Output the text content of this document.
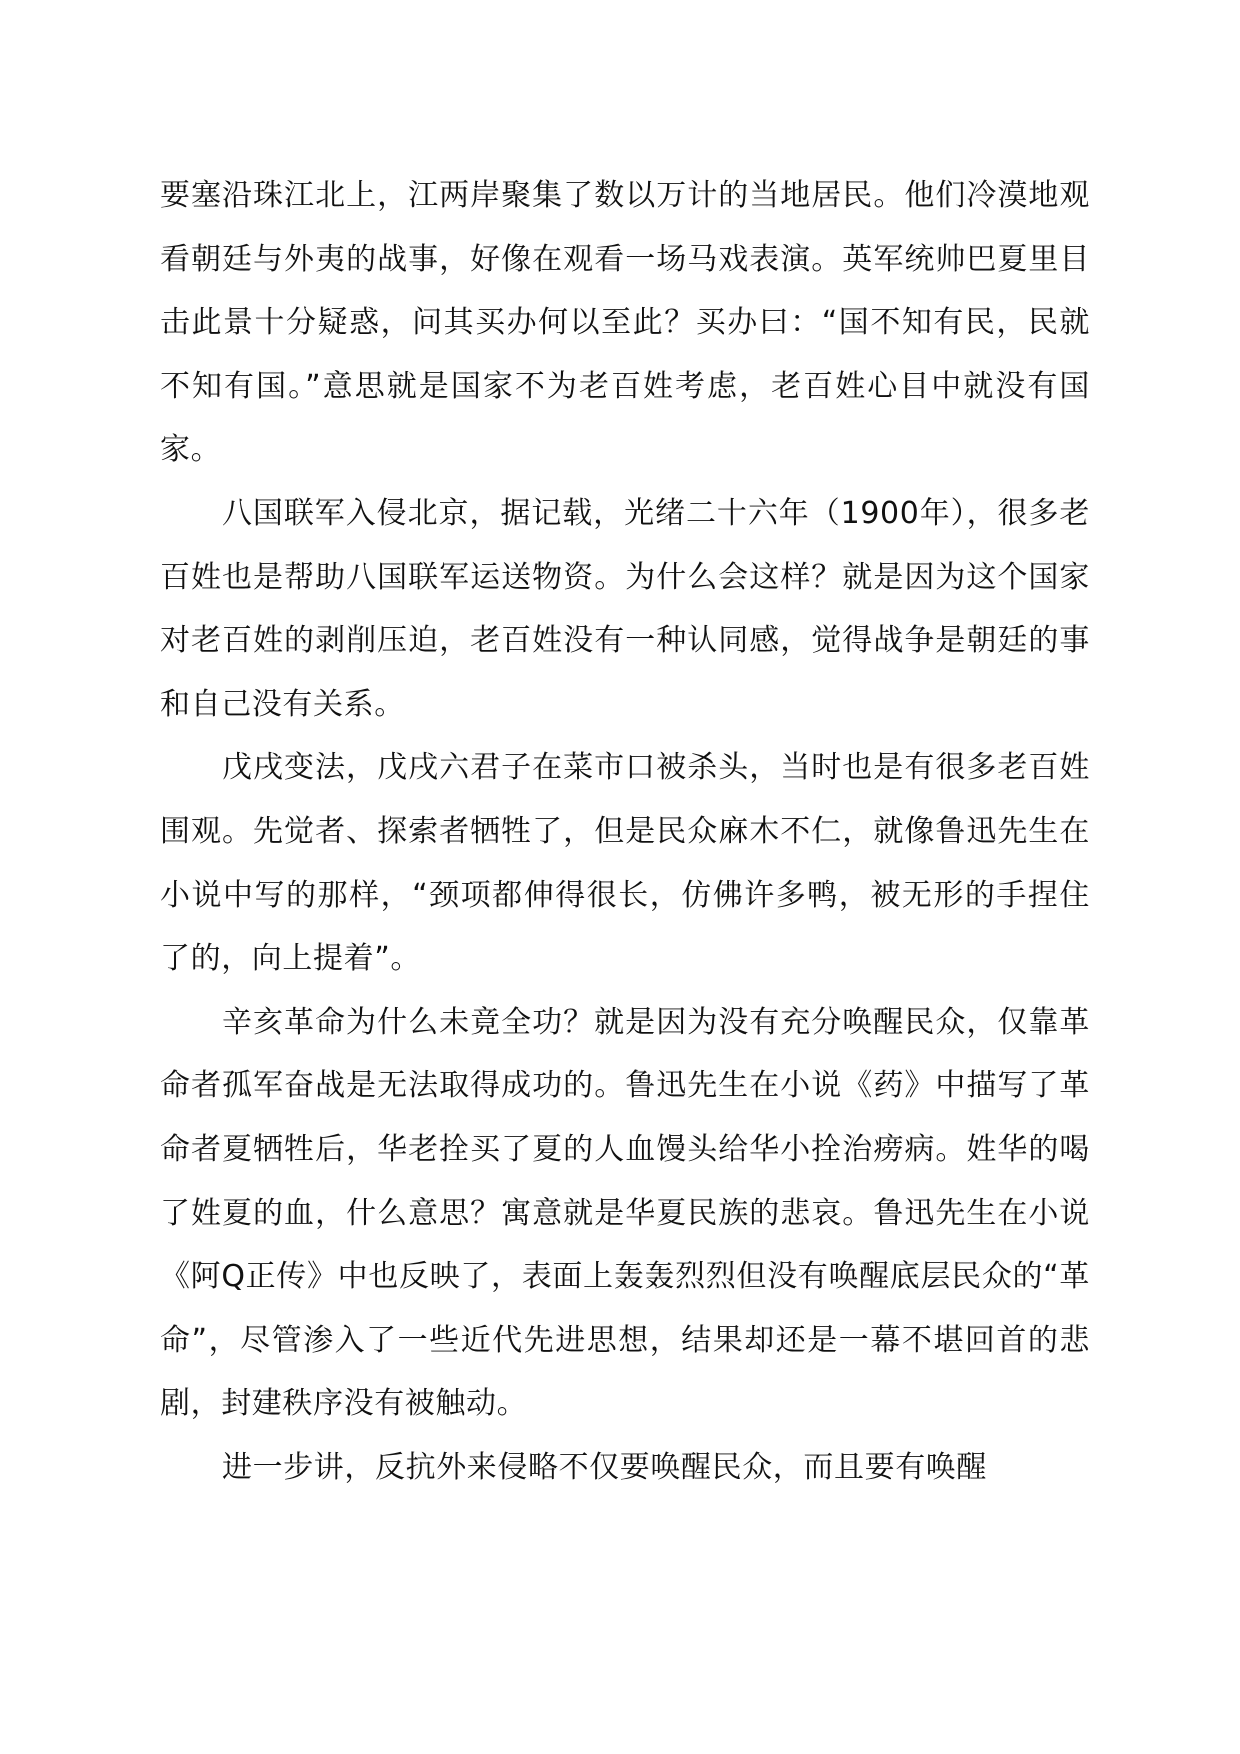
要塞沿珠江北上，江两岸聚集了数以万计的当地居民。他们冷漠地观看朝廷与外夷的战事，好像在观看一场马戏表演。英军统帅巴夏里目击此景十分疑惑，问其买办何以至此？买办曰：“国不知有民，民就不知有国。”意思就是国家不为老百姓考虑，老百姓心目中就没有国家。

八国联军入侵北京，据记载，光绪二十六年（1900年），很多老百姓也是帮助八国联军运送物资。为什么会这样？就是因为这个国家对老百姓的剥削压迫，老百姓没有一种认同感，觉得战争是朝廷的事和自己没有关系。

戊戌变法，戊戌六君子在菜市口被杀头，当时也是有很多老百姓围观。先觉者、探索者牺牲了，但是民众麻木不仁，就像鲁迅先生在小说中写的那样，“颈项都伸得很长，仿佛许多鸭，被无形的手捏住了的，向上提着”。

辛亥革命为什么未竟全功？就是因为没有充分唤醒民众，仅靠革命者孤军奋战是无法取得成功的。鲁迅先生在小说《药》中描写了革命者夏牺牲后，华老拴买了夏的人血馒头给华小拴治痨病。姓华的喝了姓夏的血，什么意思？寓意就是华夏民族的悲哀。鲁迅先生在小说《阿Q正传》中也反映了，表面上轰轰烈烈但没有唤醒底层民众的“革命”，尽管渗入了一些近代先进思想，结果却还是一幕不堪回首的悲剧，封建秩序没有被触动。

进一步讲，反抗外来侵略不仅要唤醒民众，而且要有唤醒
